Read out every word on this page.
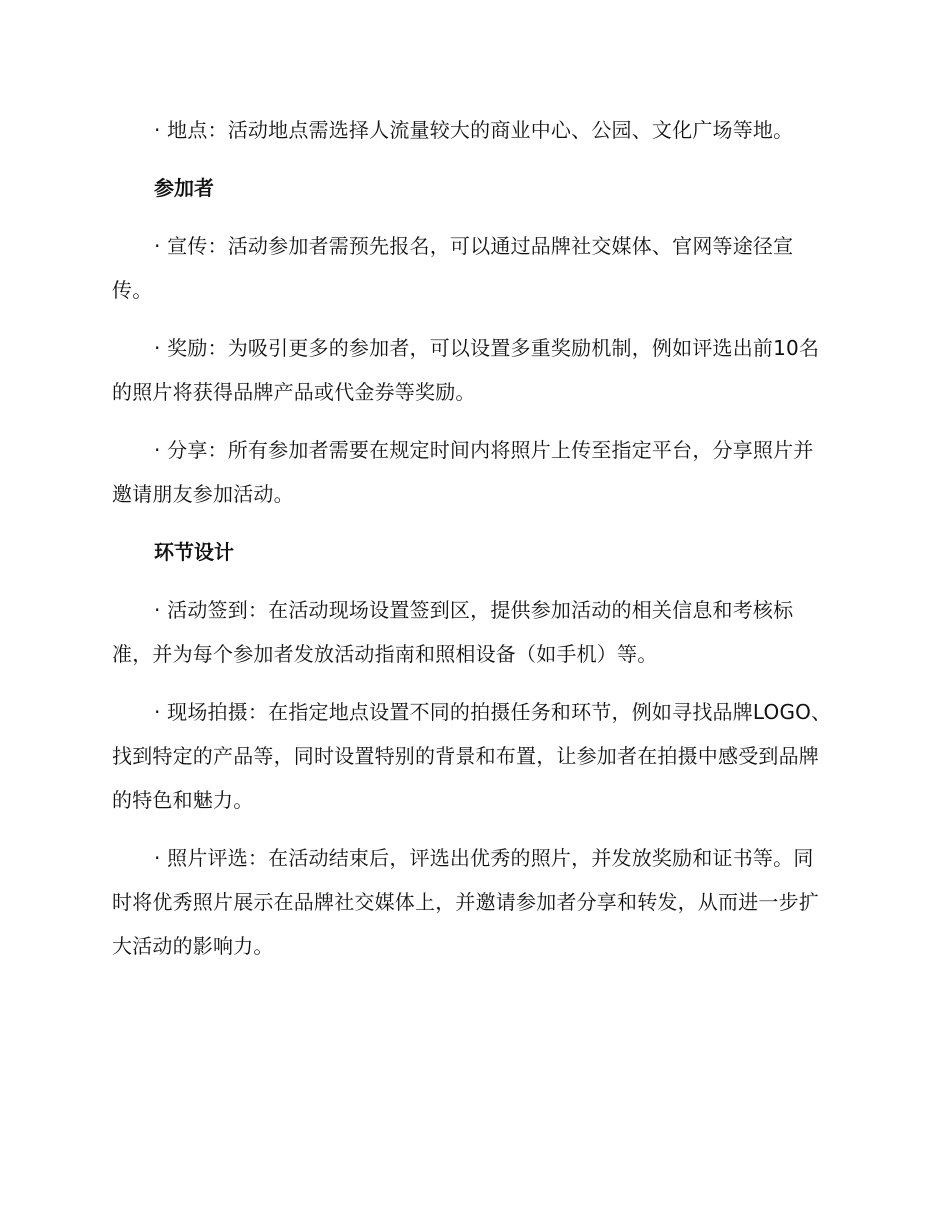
· 地点：活动地点需选择人流量较大的商业中心、公园、文化广场等地。

参加者

· 宣传：活动参加者需预先报名，可以通过品牌社交媒体、官网等途径宣传。

· 奖励：为吸引更多的参加者，可以设置多重奖励机制，例如评选出前10名的照片将获得品牌产品或代金券等奖励。

· 分享：所有参加者需要在规定时间内将照片上传至指定平台，分享照片并邀请朋友参加活动。

环节设计

· 活动签到：在活动现场设置签到区，提供参加活动的相关信息和考核标准，并为每个参加者发放活动指南和照相设备（如手机）等。

· 现场拍摄：在指定地点设置不同的拍摄任务和环节，例如寻找品牌LOGO、找到特定的产品等，同时设置特别的背景和布置，让参加者在拍摄中感受到品牌的特色和魅力。

· 照片评选：在活动结束后，评选出优秀的照片，并发放奖励和证书等。同时将优秀照片展示在品牌社交媒体上，并邀请参加者分享和转发，从而进一步扩大活动的影响力。
